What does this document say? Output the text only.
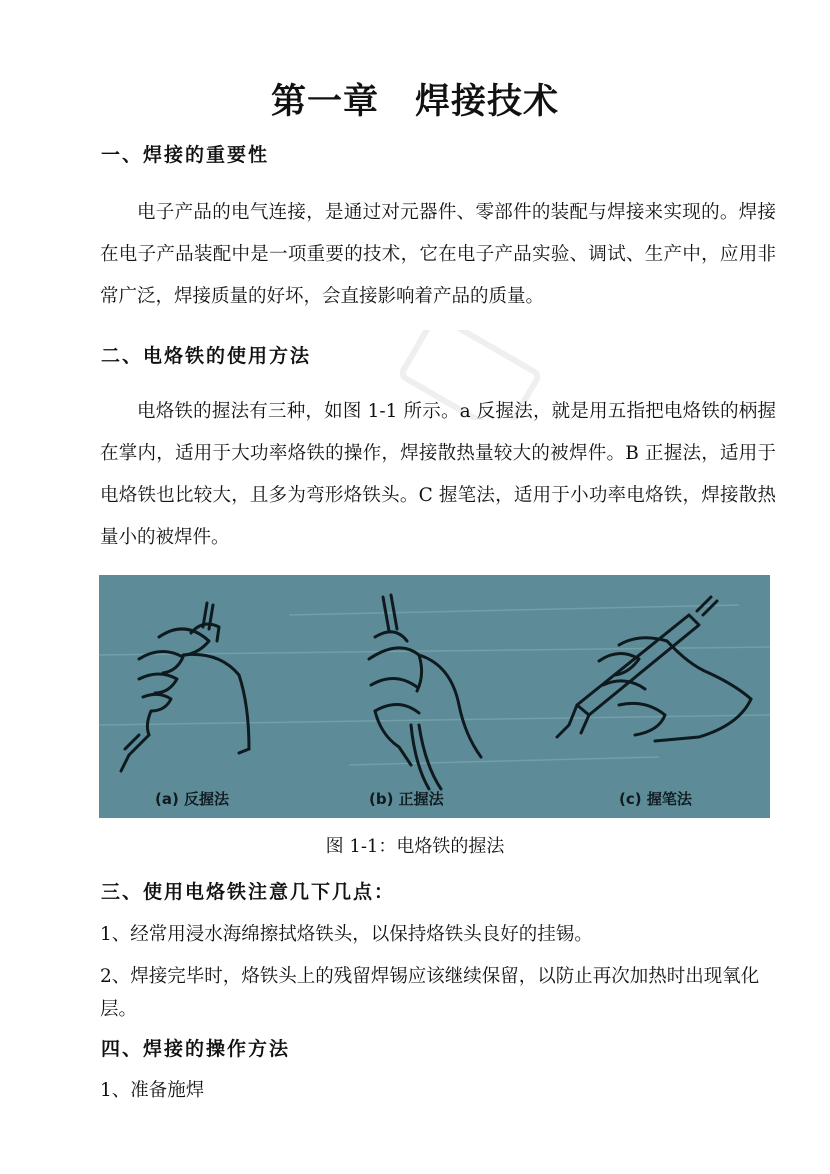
第一章　焊接技术
一、焊接的重要性
电子产品的电气连接，是通过对元器件、零部件的装配与焊接来实现的。焊接在电子产品装配中是一项重要的技术，它在电子产品实验、调试、生产中，应用非常广泛，焊接质量的好坏，会直接影响着产品的质量。
二、电烙铁的使用方法
电烙铁的握法有三种，如图 1-1 所示。a 反握法，就是用五指把电烙铁的柄握在掌内，适用于大功率烙铁的操作，焊接散热量较大的被焊件。B 正握法，适用于电烙铁也比较大，且多为弯形烙铁头。C 握笔法，适用于小功率电烙铁，焊接散热量小的被焊件。
(a) 反握法	(b) 正握法	(c) 握笔法
图 1-1：电烙铁的握法
三、使用电烙铁注意几下几点：
1、经常用浸水海绵擦拭烙铁头，以保持烙铁头良好的挂锡。
2、焊接完毕时，烙铁头上的残留焊锡应该继续保留，以防止再次加热时出现氧化层。
四、焊接的操作方法
1、准备施焊
